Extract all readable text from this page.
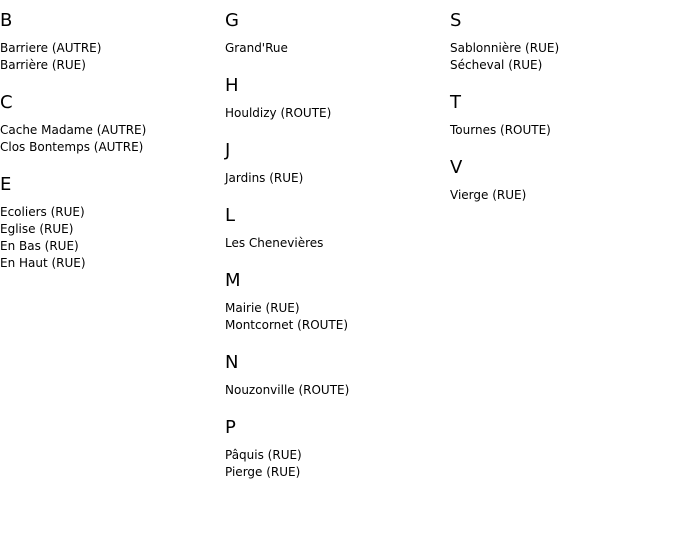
B
Barriere (AUTRE)
Barrière (RUE)
C
Cache Madame (AUTRE)
Clos Bontemps (AUTRE)
E
Ecoliers (RUE)
Eglise (RUE)
En Bas (RUE)
En Haut (RUE)
G
Grand'Rue
H
Houldizy (ROUTE)
J
Jardins (RUE)
L
Les Chenevières
M
Mairie (RUE)
Montcornet (ROUTE)
N
Nouzonville (ROUTE)
P
Pâquis (RUE)
Pierge (RUE)
S
Sablonnière (RUE)
Sécheval (RUE)
T
Tournes (ROUTE)
V
Vierge (RUE)
